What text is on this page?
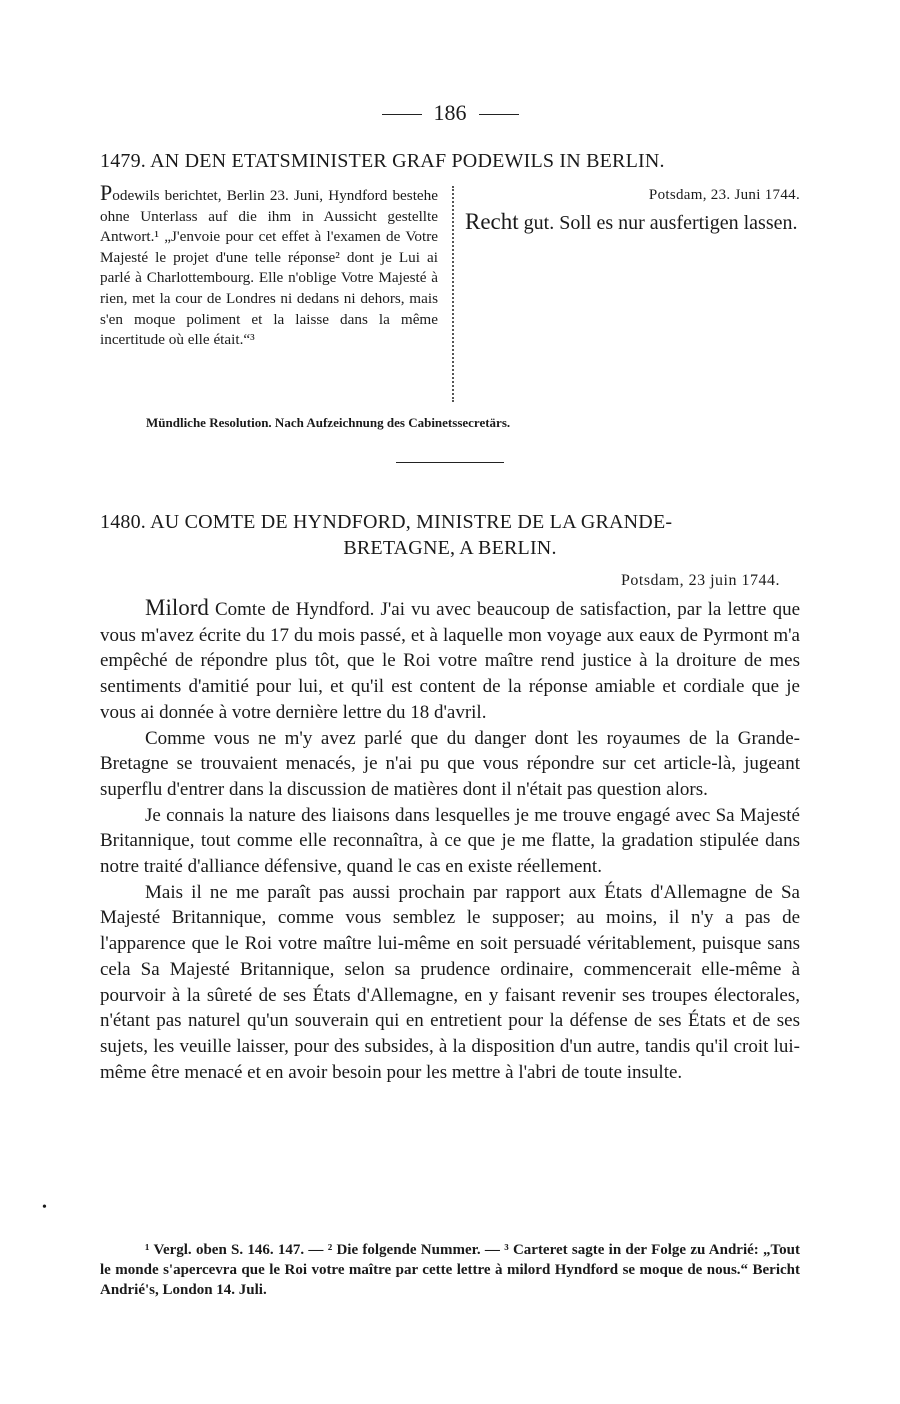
186
1479. AN DEN ETATSMINISTER GRAF PODEWILS IN BERLIN.
Podewils berichtet, Berlin 23. Juni, Hyndford bestehe ohne Unterlass auf die ihm in Aussicht gestellte Antwort.¹ „J'envoie pour cet effet à l'examen de Votre Majesté le projet d'une telle réponse² dont je Lui ai parlé à Charlottembourg. Elle n'oblige Votre Majesté à rien, met la cour de Londres ni dedans ni dehors, mais s'en moque poliment et la laisse dans la même incertitude où elle était.“³
Potsdam, 23. Juni 1744.
Recht gut. Soll es nur ausfertigen lassen.
Mündliche Resolution. Nach Aufzeichnung des Cabinetssecretärs.
1480. AU COMTE DE HYNDFORD, MINISTRE DE LA GRANDE-
BRETAGNE, A BERLIN.
Potsdam, 23 juin 1744.

Milord Comte de Hyndford. J'ai vu avec beaucoup de satisfaction, par la lettre que vous m'avez écrite du 17 du mois passé, et à laquelle mon voyage aux eaux de Pyrmont m'a empêché de répondre plus tôt, que le Roi votre maître rend justice à la droiture de mes sentiments d'amitié pour lui, et qu'il est content de la réponse amiable et cordiale que je vous ai donnée à votre dernière lettre du 18 d'avril.

Comme vous ne m'y avez parlé que du danger dont les royaumes de la Grande-Bretagne se trouvaient menacés, je n'ai pu que vous répondre sur cet article-là, jugeant superflu d'entrer dans la discussion de matières dont il n'était pas question alors.

Je connais la nature des liaisons dans lesquelles je me trouve engagé avec Sa Majesté Britannique, tout comme elle reconnaîtra, à ce que je me flatte, la gradation stipulée dans notre traité d'alliance défensive, quand le cas en existe réellement.

Mais il ne me paraît pas aussi prochain par rapport aux États d'Allemagne de Sa Majesté Britannique, comme vous semblez le supposer; au moins, il n'y a pas de l'apparence que le Roi votre maître lui-même en soit persuadé véritablement, puisque sans cela Sa Majesté Britannique, selon sa prudence ordinaire, commencerait elle-même à pourvoir à la sûreté de ses États d'Allemagne, en y faisant revenir ses troupes électorales, n'étant pas naturel qu'un souverain qui en entretient pour la défense de ses États et de ses sujets, les veuille laisser, pour des subsides, à la disposition d'un autre, tandis qu'il croit lui-même être menacé et en avoir besoin pour les mettre à l'abri de toute insulte.

•

¹ Vergl. oben S. 146. 147. — ² Die folgende Nummer. — ³ Carteret sagte in der Folge zu Andrié: „Tout le monde s'apercevra que le Roi votre maître par cette lettre à milord Hyndford se moque de nous.“ Bericht Andrié's, London 14. Juli.
